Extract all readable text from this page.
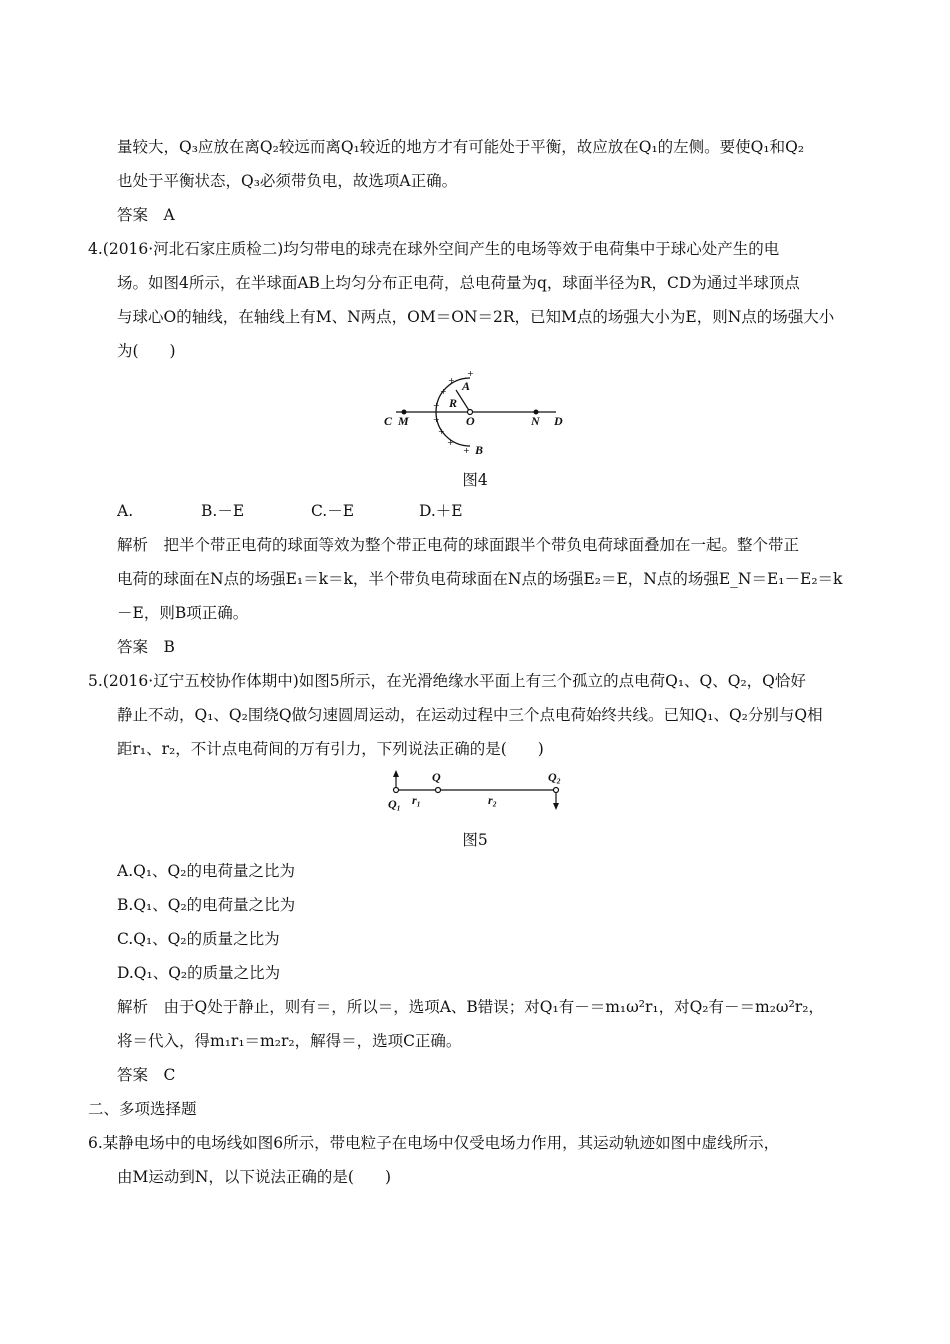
量较大，Q₃应放在离Q₂较远而离Q₁较近的地方才有可能处于平衡，故应放在Q₁的左侧。要使Q₁和Q₂
也处于平衡状态，Q₃必须带负电，故选项A正确。
答案　A
4.(2016·河北石家庄质检二)均匀带电的球壳在球外空间产生的电场等效于电荷集中于球心处产生的电
场。如图4所示，在半球面AB上均匀分布正电荷，总电荷量为q，球面半径为R，CD为通过半球顶点
与球心O的轴线，在轴线上有M、N两点，OM＝ON＝2R，已知M点的场强大小为E，则N点的场强大小
为(　　)
C M	O	N D
A
R
B
+
+
+
+
+
+
+
+
图4
A.	B.－E	C.－E	D.＋E
解析　把半个带正电荷的球面等效为整个带正电荷的球面跟半个带负电荷球面叠加在一起。整个带正
电荷的球面在N点的场强E₁＝k＝k，半个带负电荷球面在N点的场强E₂＝E，N点的场强E_N＝E₁－E₂＝k
－E，则B项正确。
答案　B
5.(2016·辽宁五校协作体期中)如图5所示，在光滑绝缘水平面上有三个孤立的点电荷Q₁、Q、Q₂，Q恰好
静止不动，Q₁、Q₂围绕Q做匀速圆周运动，在运动过程中三个点电荷始终共线。已知Q₁、Q₂分别与Q相
距r₁、r₂，不计点电荷间的万有引力，下列说法正确的是(　　)
Q₁
Q	Q₂
r₁	r₂
图5
A.Q₁、Q₂的电荷量之比为
B.Q₁、Q₂的电荷量之比为
C.Q₁、Q₂的质量之比为
D.Q₁、Q₂的质量之比为
解析　由于Q处于静止，则有＝，所以＝，选项A、B错误；对Q₁有－＝m₁ω²r₁，对Q₂有－＝m₂ω²r₂，
将＝代入，得m₁r₁＝m₂r₂，解得＝，选项C正确。
答案　C
二、多项选择题
6.某静电场中的电场线如图6所示，带电粒子在电场中仅受电场力作用，其运动轨迹如图中虚线所示，
由M运动到N，以下说法正确的是(　　)
